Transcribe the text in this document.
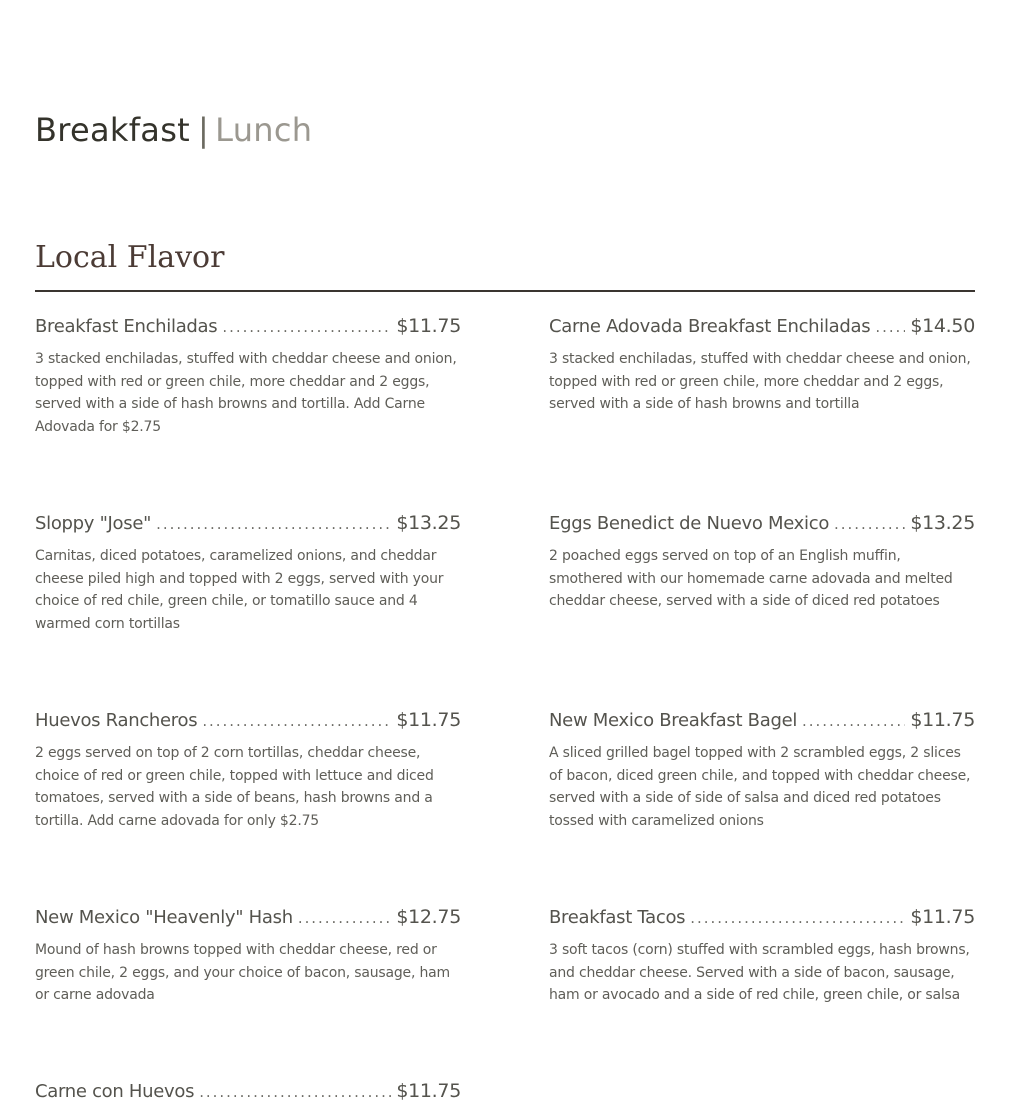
Breakfast | Lunch
Local Flavor
Breakfast Enchiladas . . .	$11.75
3 stacked enchiladas, stuffed with cheddar cheese and onion, topped with red or green chile, more cheddar and 2 eggs, served with a side of hash browns and tortilla. Add Carne Adovada for $2.75
Carne Adovada Breakfast Enchiladas . . . $14.50
3 stacked enchiladas, stuffed with cheddar cheese and onion, topped with red or green chile, more cheddar and 2 eggs, served with a side of hash browns and tortilla
Sloppy "Jose" . . .	$13.25
Carnitas, diced potatoes, caramelized onions, and cheddar cheese piled high and topped with 2 eggs, served with your choice of red chile, green chile, or tomatillo sauce and 4 warmed corn tortillas
Eggs Benedict de Nuevo Mexico . . .	$13.25
2 poached eggs served on top of an English muffin, smothered with our homemade carne adovada and melted cheddar cheese, served with a side of diced red potatoes
Huevos Rancheros . . .	$11.75
2 eggs served on top of 2 corn tortillas, cheddar cheese, choice of red or green chile, topped with lettuce and diced tomatoes, served with a side of beans, hash browns and a tortilla. Add carne adovada for only $2.75
New Mexico Breakfast Bagel . . .	$11.75
A sliced grilled bagel topped with 2 scrambled eggs, 2 slices of bacon, diced green chile, and topped with cheddar cheese, served with a side of side of salsa and diced red potatoes tossed with caramelized onions
New Mexico "Heavenly" Hash . . .	$12.75
Mound of hash browns topped with cheddar cheese, red or green chile, 2 eggs, and your choice of bacon, sausage, ham or carne adovada
Breakfast Tacos . . .	$11.75
3 soft tacos (corn) stuffed with scrambled eggs, hash browns, and cheddar cheese. Served with a side of bacon, sausage, ham or avocado and a side of red chile, green chile, or salsa
Carne con Huevos . . .	$11.75
